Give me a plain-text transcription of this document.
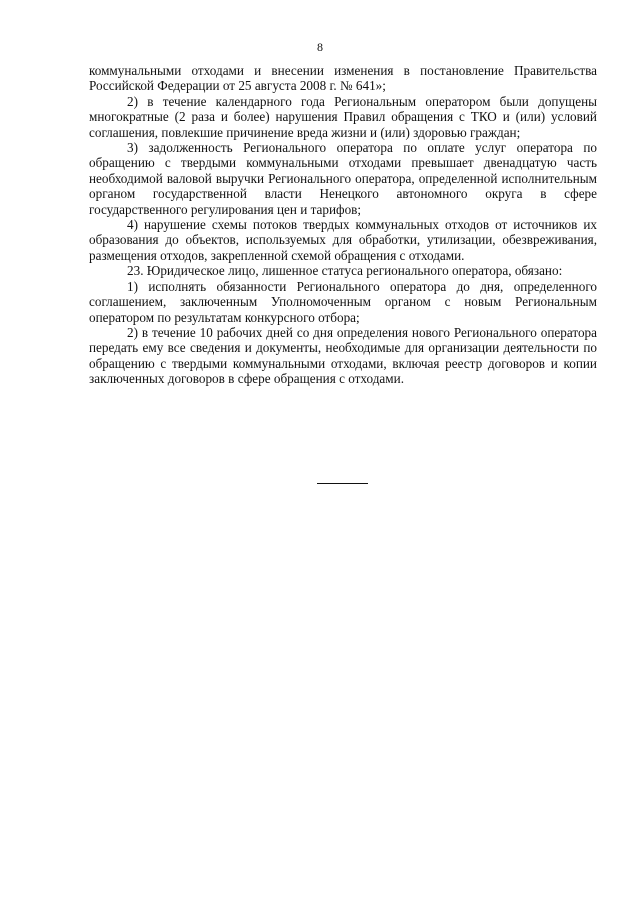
8

коммунальными отходами и внесении изменения в постановление Правительства Российской Федерации от 25 августа 2008 г. № 641»;

2) в течение календарного года Региональным оператором были допущены многократные (2 раза и более) нарушения Правил обращения с ТКО и (или) условий соглашения, повлекшие причинение вреда жизни и (или) здоровью граждан;

3) задолженность Регионального оператора по оплате услуг оператора по обращению с твердыми коммунальными отходами превышает двенадцатую часть необходимой валовой выручки Регионального оператора, определенной исполнительным органом государственной власти Ненецкого автономного округа в сфере государственного регулирования цен и тарифов;

4) нарушение схемы потоков твердых коммунальных отходов от источников их образования до объектов, используемых для обработки, утилизации, обезвреживания, размещения отходов, закрепленной схемой обращения с отходами.

23. Юридическое лицо, лишенное статуса регионального оператора, обязано:

1) исполнять обязанности Регионального оператора до дня, определенного соглашением, заключенным Уполномоченным органом с новым Региональным оператором по результатам конкурсного отбора;

2) в течение 10 рабочих дней со дня определения нового Регионального оператора передать ему все сведения и документы, необходимые для организации деятельности по обращению с твердыми коммунальными отходами, включая реестр договоров и копии заключенных договоров в сфере обращения с отходами.
